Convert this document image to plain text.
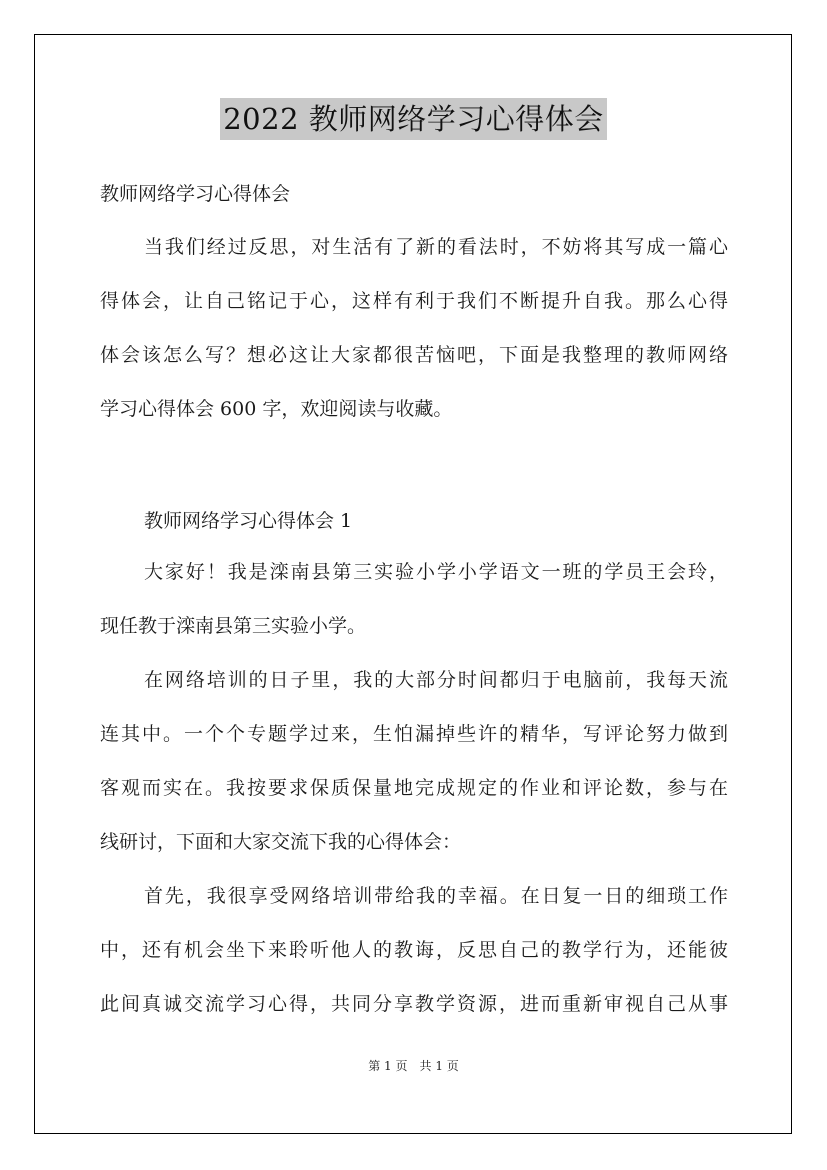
2022 教师网络学习心得体会

教师网络学习心得体会

当我们经过反思，对生活有了新的看法时，不妨将其写成一篇心
得体会，让自己铭记于心，这样有利于我们不断提升自我。那么心得
体会该怎么写？想必这让大家都很苦恼吧，下面是我整理的教师网络
学习心得体会 600 字，欢迎阅读与收藏。

教师网络学习心得体会 1

大家好！我是滦南县第三实验小学小学语文一班的学员王会玲，
现任教于滦南县第三实验小学。
在网络培训的日子里，我的大部分时间都归于电脑前，我每天流
连其中。一个个专题学过来，生怕漏掉些许的精华，写评论努力做到
客观而实在。我按要求保质保量地完成规定的作业和评论数，参与在
线研讨，下面和大家交流下我的心得体会：
首先，我很享受网络培训带给我的幸福。在日复一日的细琐工作
中，还有机会坐下来聆听他人的教诲，反思自己的教学行为，还能彼
此间真诚交流学习心得，共同分享教学资源，进而重新审视自己从事
第 1 页　共 1 页
